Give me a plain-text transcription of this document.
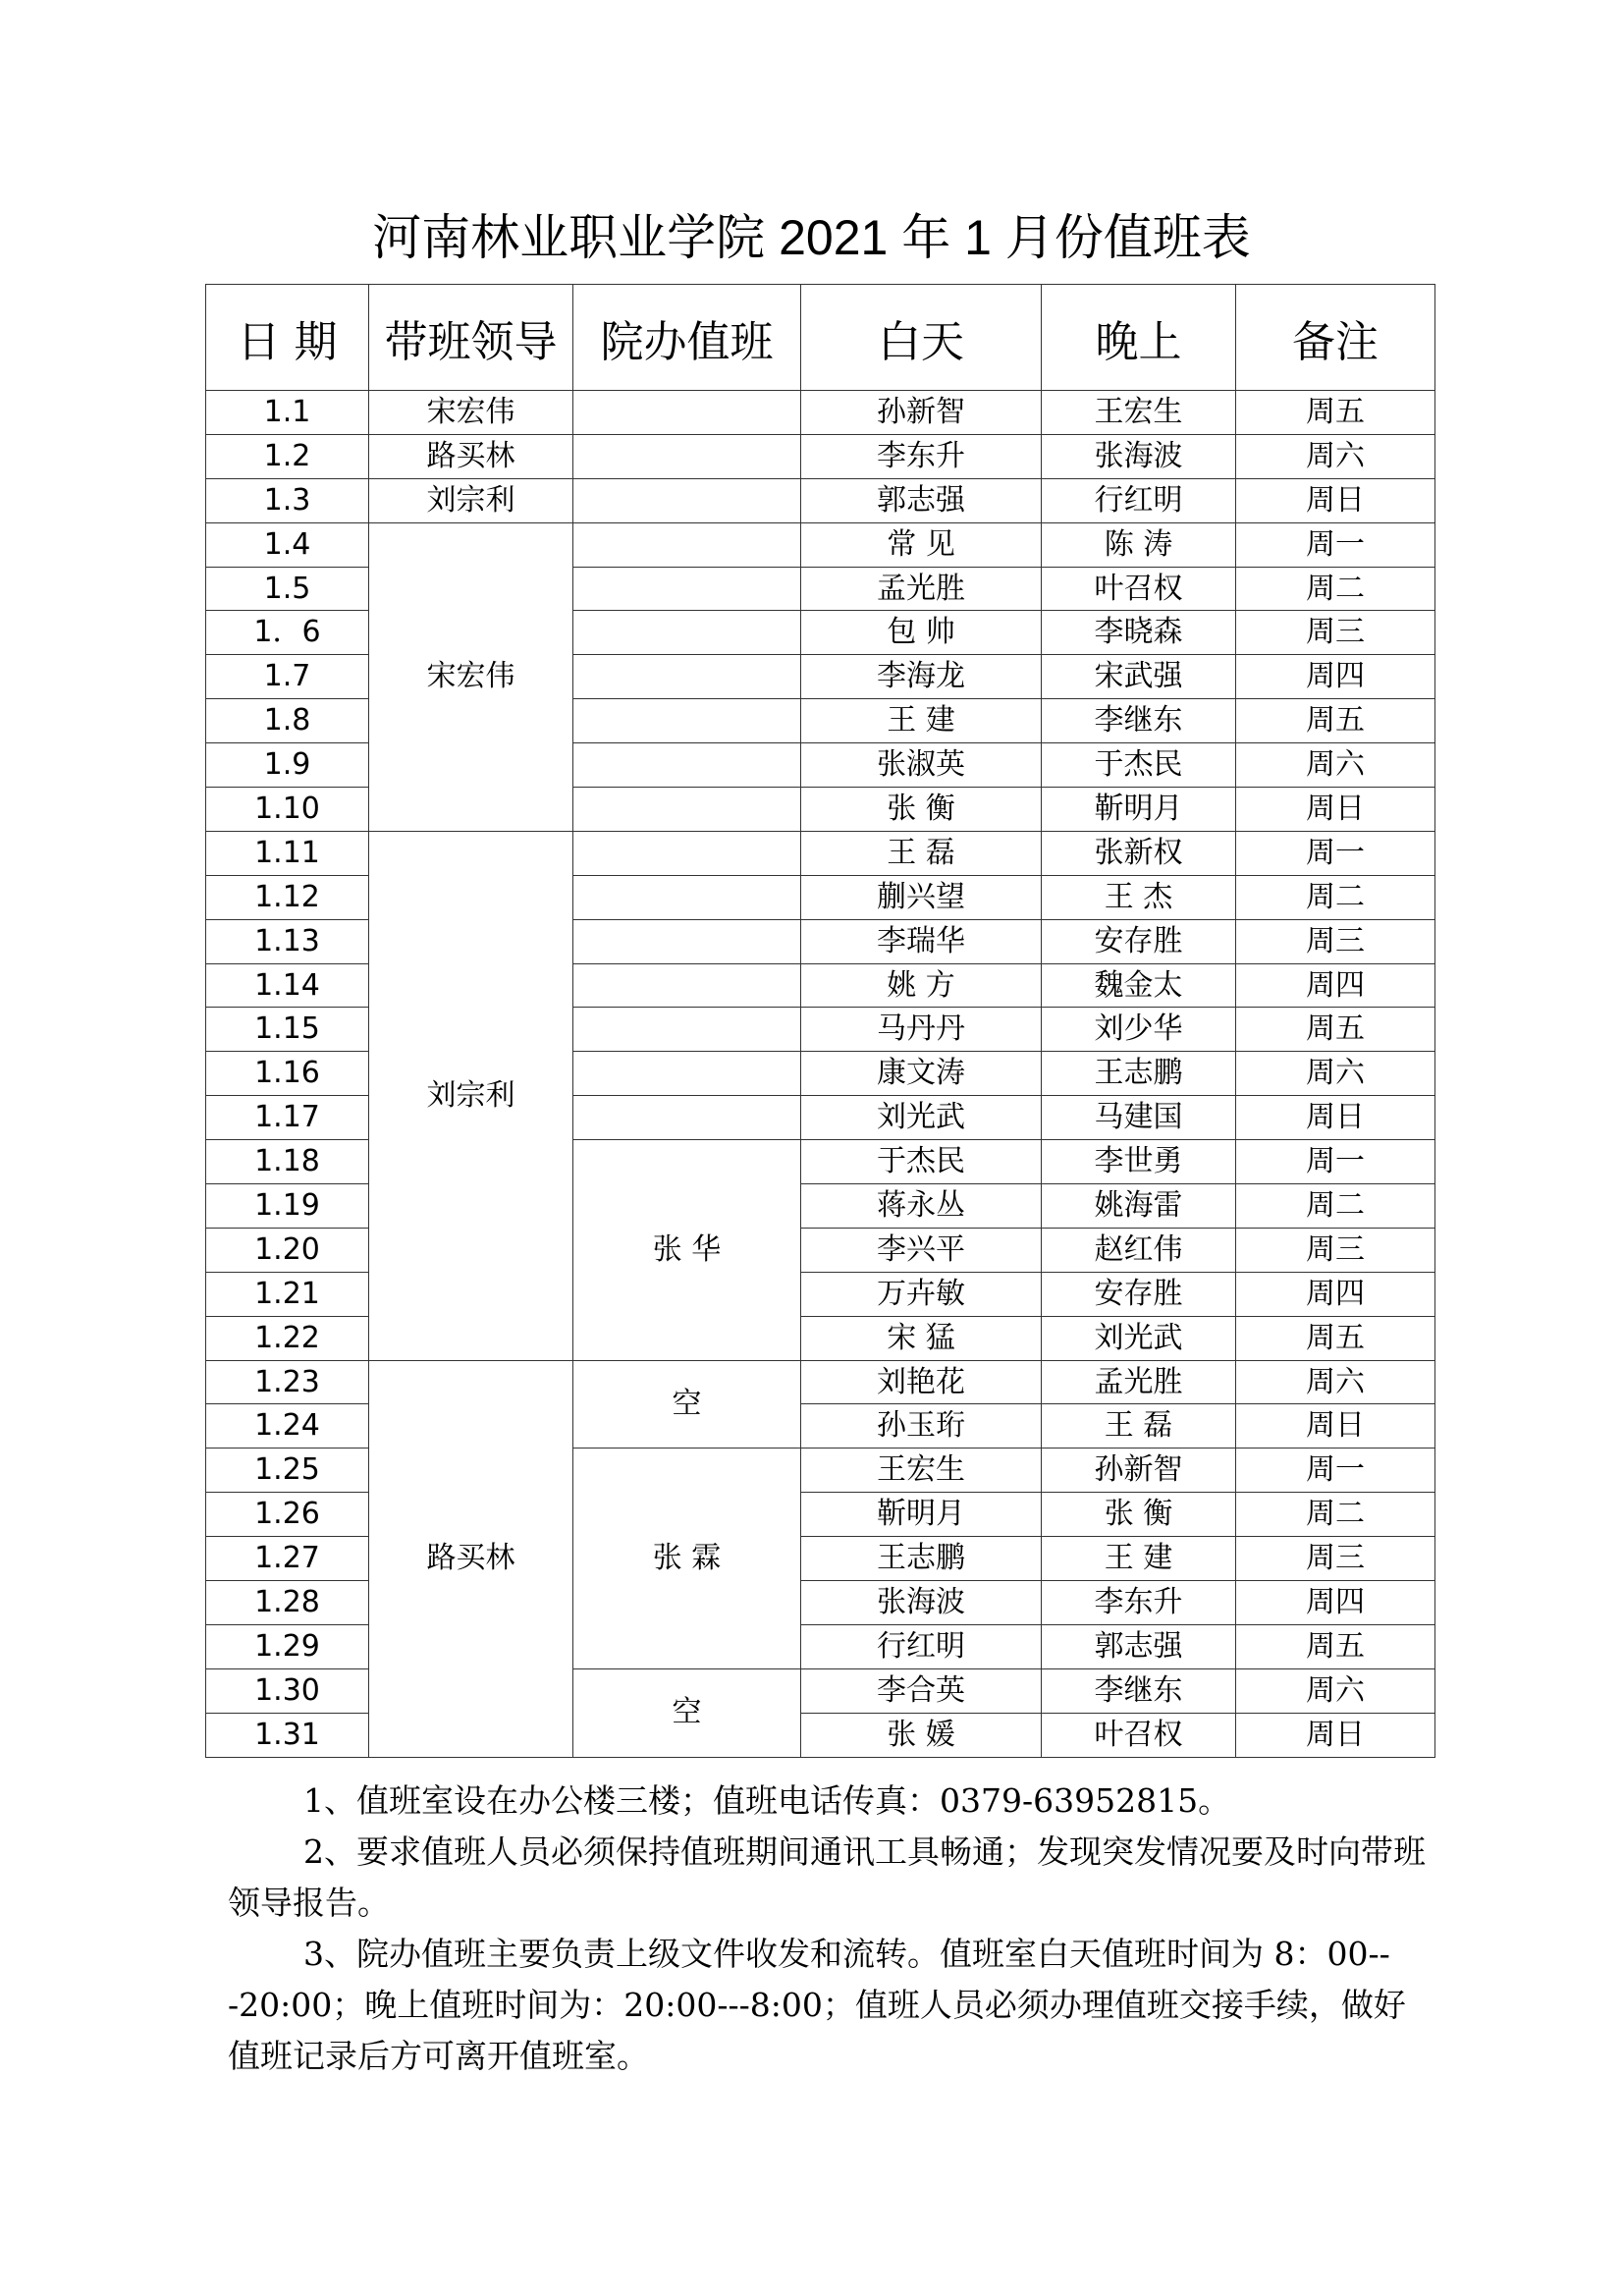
河南林业职业学院 2021 年 1 月份值班表
日 期	带班领导	院办值班	白天	晚上	备注
1.1	宋宏伟		孙新智	王宏生	周五
1.2	路买林		李东升	张海波	周六
1.3	刘宗利		郭志强	行红明	周日
1.4	宋宏伟		常 见	陈 涛	周一
1.5			孟光胜	叶召权	周二
1．6			包 帅	李晓森	周三
1.7			李海龙	宋武强	周四
1.8			王 建	李继东	周五
1.9			张淑英	于杰民	周六
1.10			张 衡	靳明月	周日
1.11	刘宗利		王 磊	张新权	周一
1.12			蒯兴望	王 杰	周二
1.13			李瑞华	安存胜	周三
1.14			姚 方	魏金太	周四
1.15			马丹丹	刘少华	周五
1.16			康文涛	王志鹏	周六
1.17			刘光武	马建国	周日
1.18		张 华	于杰民	李世勇	周一
1.19			蒋永丛	姚海雷	周二
1.20			李兴平	赵红伟	周三
1.21			万卉敏	安存胜	周四
1.22			宋 猛	刘光武	周五
1.23	路买林	空	刘艳花	孟光胜	周六
1.24			孙玉珩	王 磊	周日
1.25		张 霖	王宏生	孙新智	周一
1.26			靳明月	张 衡	周二
1.27			王志鹏	王 建	周三
1.28			张海波	李东升	周四
1.29			行红明	郭志强	周五
1.30		空	李合英	李继东	周六
1.31			张 媛	叶召权	周日

1、值班室设在办公楼三楼；值班电话传真：0379-63952815。

2、要求值班人员必须保持值班期间通讯工具畅通；发现突发情况要及时向带班领导报告。

3、院办值班主要负责上级文件收发和流转。值班室白天值班时间为 8：00---20:00；晚上值班时间为：20:00---8:00；值班人员必须办理值班交接手续，做好值班记录后方可离开值班室。
